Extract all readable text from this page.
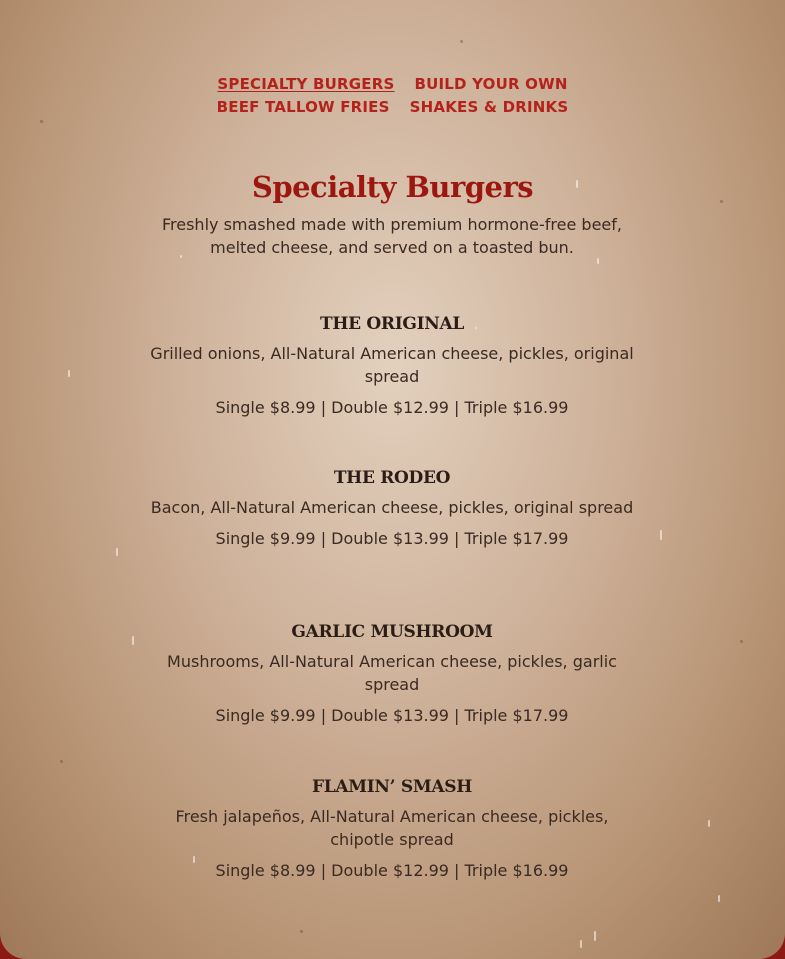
SPECIALTY BURGERS BUILD YOUR OWN
BEEF TALLOW FRIES SHAKES & DRINKS
Specialty Burgers

Freshly smashed made with premium hormone-free beef, melted cheese, and served on a toasted bun.

THE ORIGINAL

Grilled onions, All-Natural American cheese, pickles, original spread

Single $8.99 | Double $12.99 | Triple $16.99

THE RODEO

Bacon, All-Natural American cheese, pickles, original spread

Single $9.99 | Double $13.99 | Triple $17.99

GARLIC MUSHROOM

Mushrooms, All-Natural American cheese, pickles, garlic spread

Single $9.99 | Double $13.99 | Triple $17.99

FLAMIN’ SMASH

Fresh jalapeños, All-Natural American cheese, pickles, chipotle spread

Single $8.99 | Double $12.99 | Triple $16.99
